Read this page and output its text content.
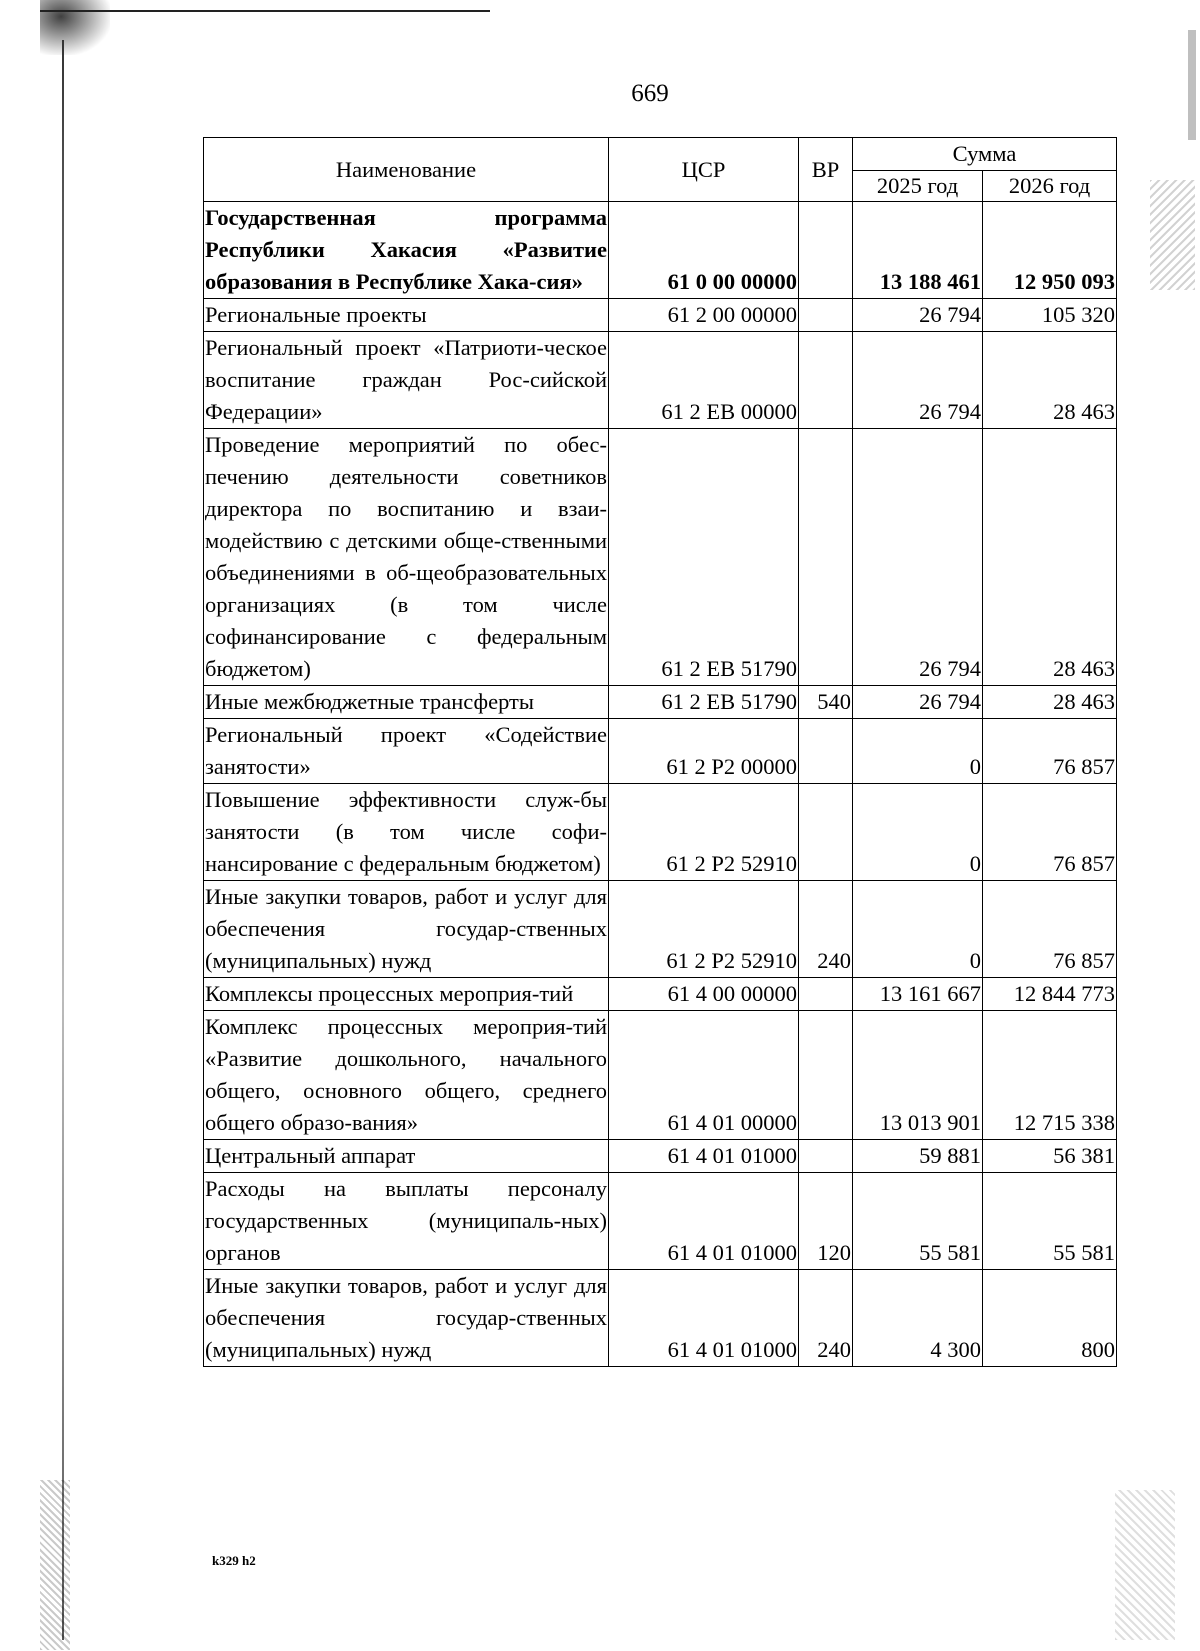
669
Наименование	ЦСР	ВР	Сумма	
			2025 год	2026 год
Государственная программа Республики Хакасия «Развитие образования в Республике Хака-сия»	61 0 00 00000		13 188 461	12 950 093
Региональные проекты	61 2 00 00000		26 794	105 320
Региональный проект «Патриоти-ческое воспитание граждан Рос-сийской Федерации»	61 2 ЕВ 00000		26 794	28 463
Проведение мероприятий по обес-печению деятельности советников директора по воспитанию и взаи-модействию с детскими обще-ственными объединениями в об-щеобразовательных организациях (в том числе софинансирование с федеральным бюджетом)	61 2 ЕВ 51790		26 794	28 463
Иные межбюджетные трансферты	61 2 ЕВ 51790	540	26 794	28 463
Региональный проект «Содействие занятости»	61 2 Р2 00000		0	76 857
Повышение эффективности служ-бы занятости (в том числе софи-нансирование с федеральным бюджетом)	61 2 Р2 52910		0	76 857
Иные закупки товаров, работ и услуг для обеспечения государ-ственных (муниципальных) нужд	61 2 Р2 52910	240	0	76 857
Комплексы процессных мероприя-тий	61 4 00 00000		13 161 667	12 844 773
Комплекс процессных мероприя-тий «Развитие дошкольного, начального общего, основного общего, среднего общего образо-вания»	61 4 01 00000		13 013 901	12 715 338
Центральный аппарат	61 4 01 01000		59 881	56 381
Расходы на выплаты персоналу государственных (муниципаль-ных) органов	61 4 01 01000	120	55 581	55 581
Иные закупки товаров, работ и услуг для обеспечения государ-ственных (муниципальных) нужд	61 4 01 01000	240	4 300	800
k329 h2
